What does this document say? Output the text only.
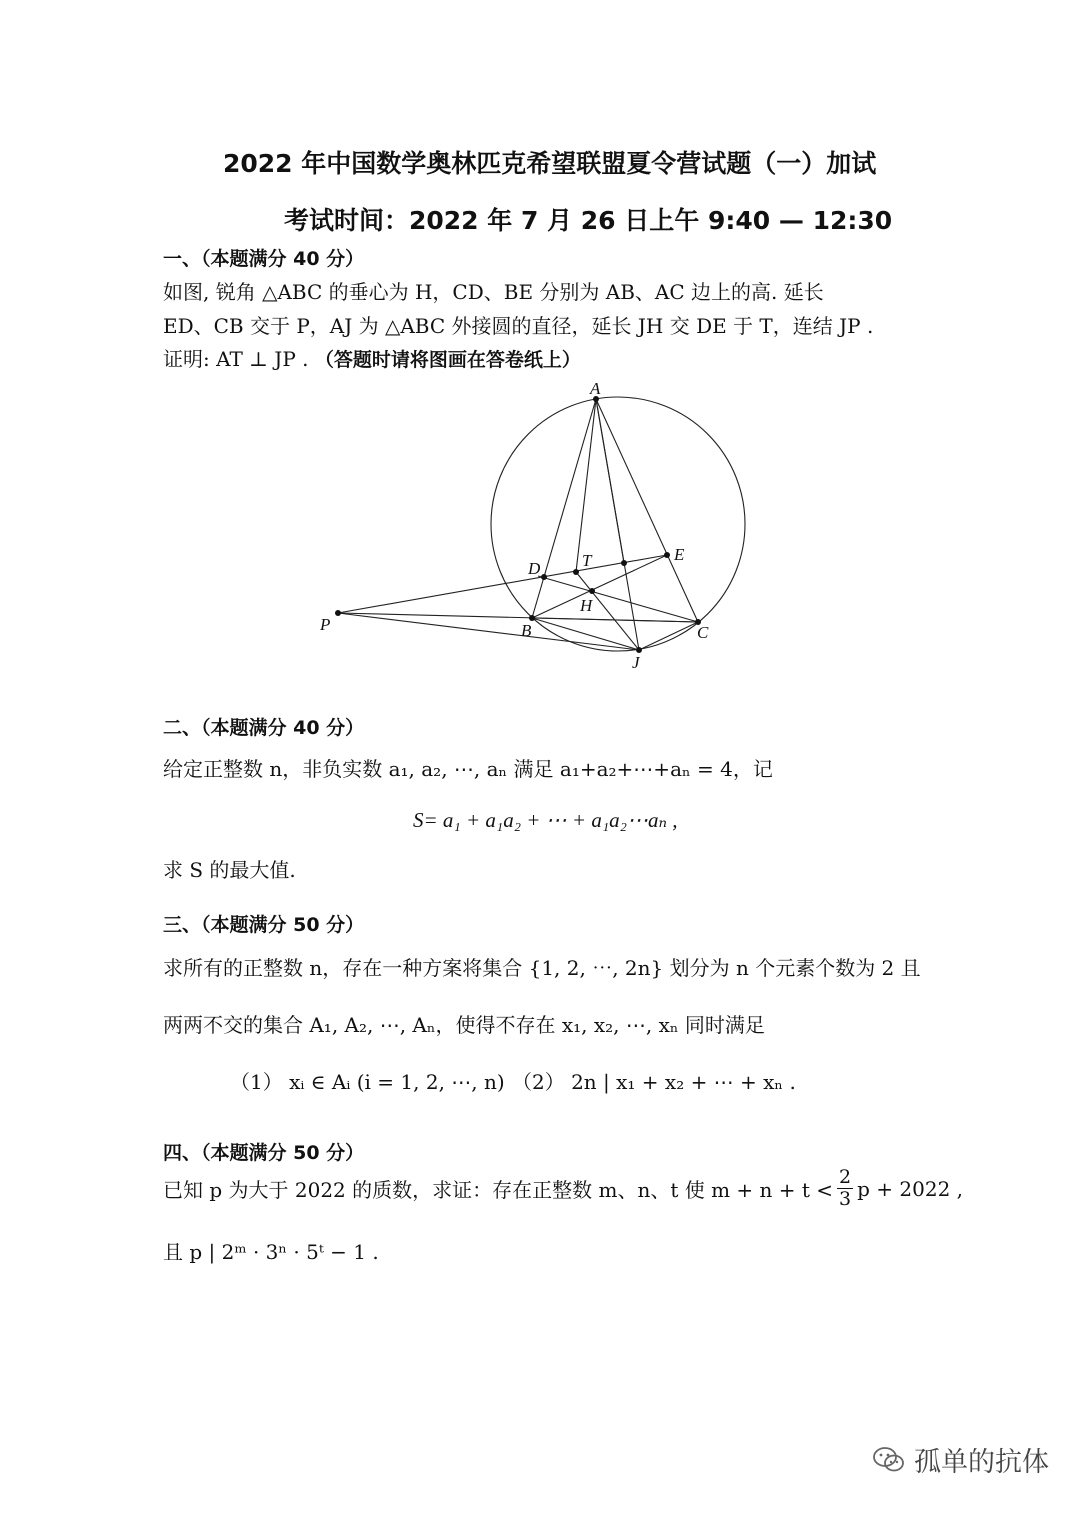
2022 年中国数学奥林匹克希望联盟夏令营试题（一）加试
考试时间：2022 年 7 月 26 日上午 9:40 — 12:30
一、（本题满分 40 分）
如图, 锐角 △ABC 的垂心为 H，CD、BE 分别为 AB、AC 边上的高. 延长
ED、CB 交于 P，AJ 为 △ABC 外接圆的直径，延长 JH 交 DE 于 T，连结 JP .
证明: AT ⊥ JP . （答题时请将图画在答卷纸上）
A
B	C
D
E
T
H
P
J
二、（本题满分 40 分）
给定正整数 n，非负实数 a₁, a₂, ⋯, aₙ 满足 a₁+a₂+⋯+aₙ = 4，记
S= a₁ + a₁a₂ + ⋯ + a₁a₂⋯aₙ ,
求 S 的最大值.
三、（本题满分 50 分）
求所有的正整数 n，存在一种方案将集合 {1, 2, ⋯, 2n} 划分为 n 个元素个数为 2 且
两两不交的集合 A₁, A₂, ⋯, Aₙ，使得不存在 x₁, x₂, ⋯, xₙ 同时满足
（1） xᵢ ∈ Aᵢ (i = 1, 2, ⋯, n) （2） 2n | x₁ + x₂ + ⋯ + xₙ .
四、（本题满分 50 分）
已知 p 为大于 2022 的质数，求证：存在正整数 m、n、t 使 $m + n + t < \frac{2}{3}$ p + 2022 ,
且 p | 2ᵐ · 3ⁿ · 5ᵗ − 1 .
孤单的抗体
